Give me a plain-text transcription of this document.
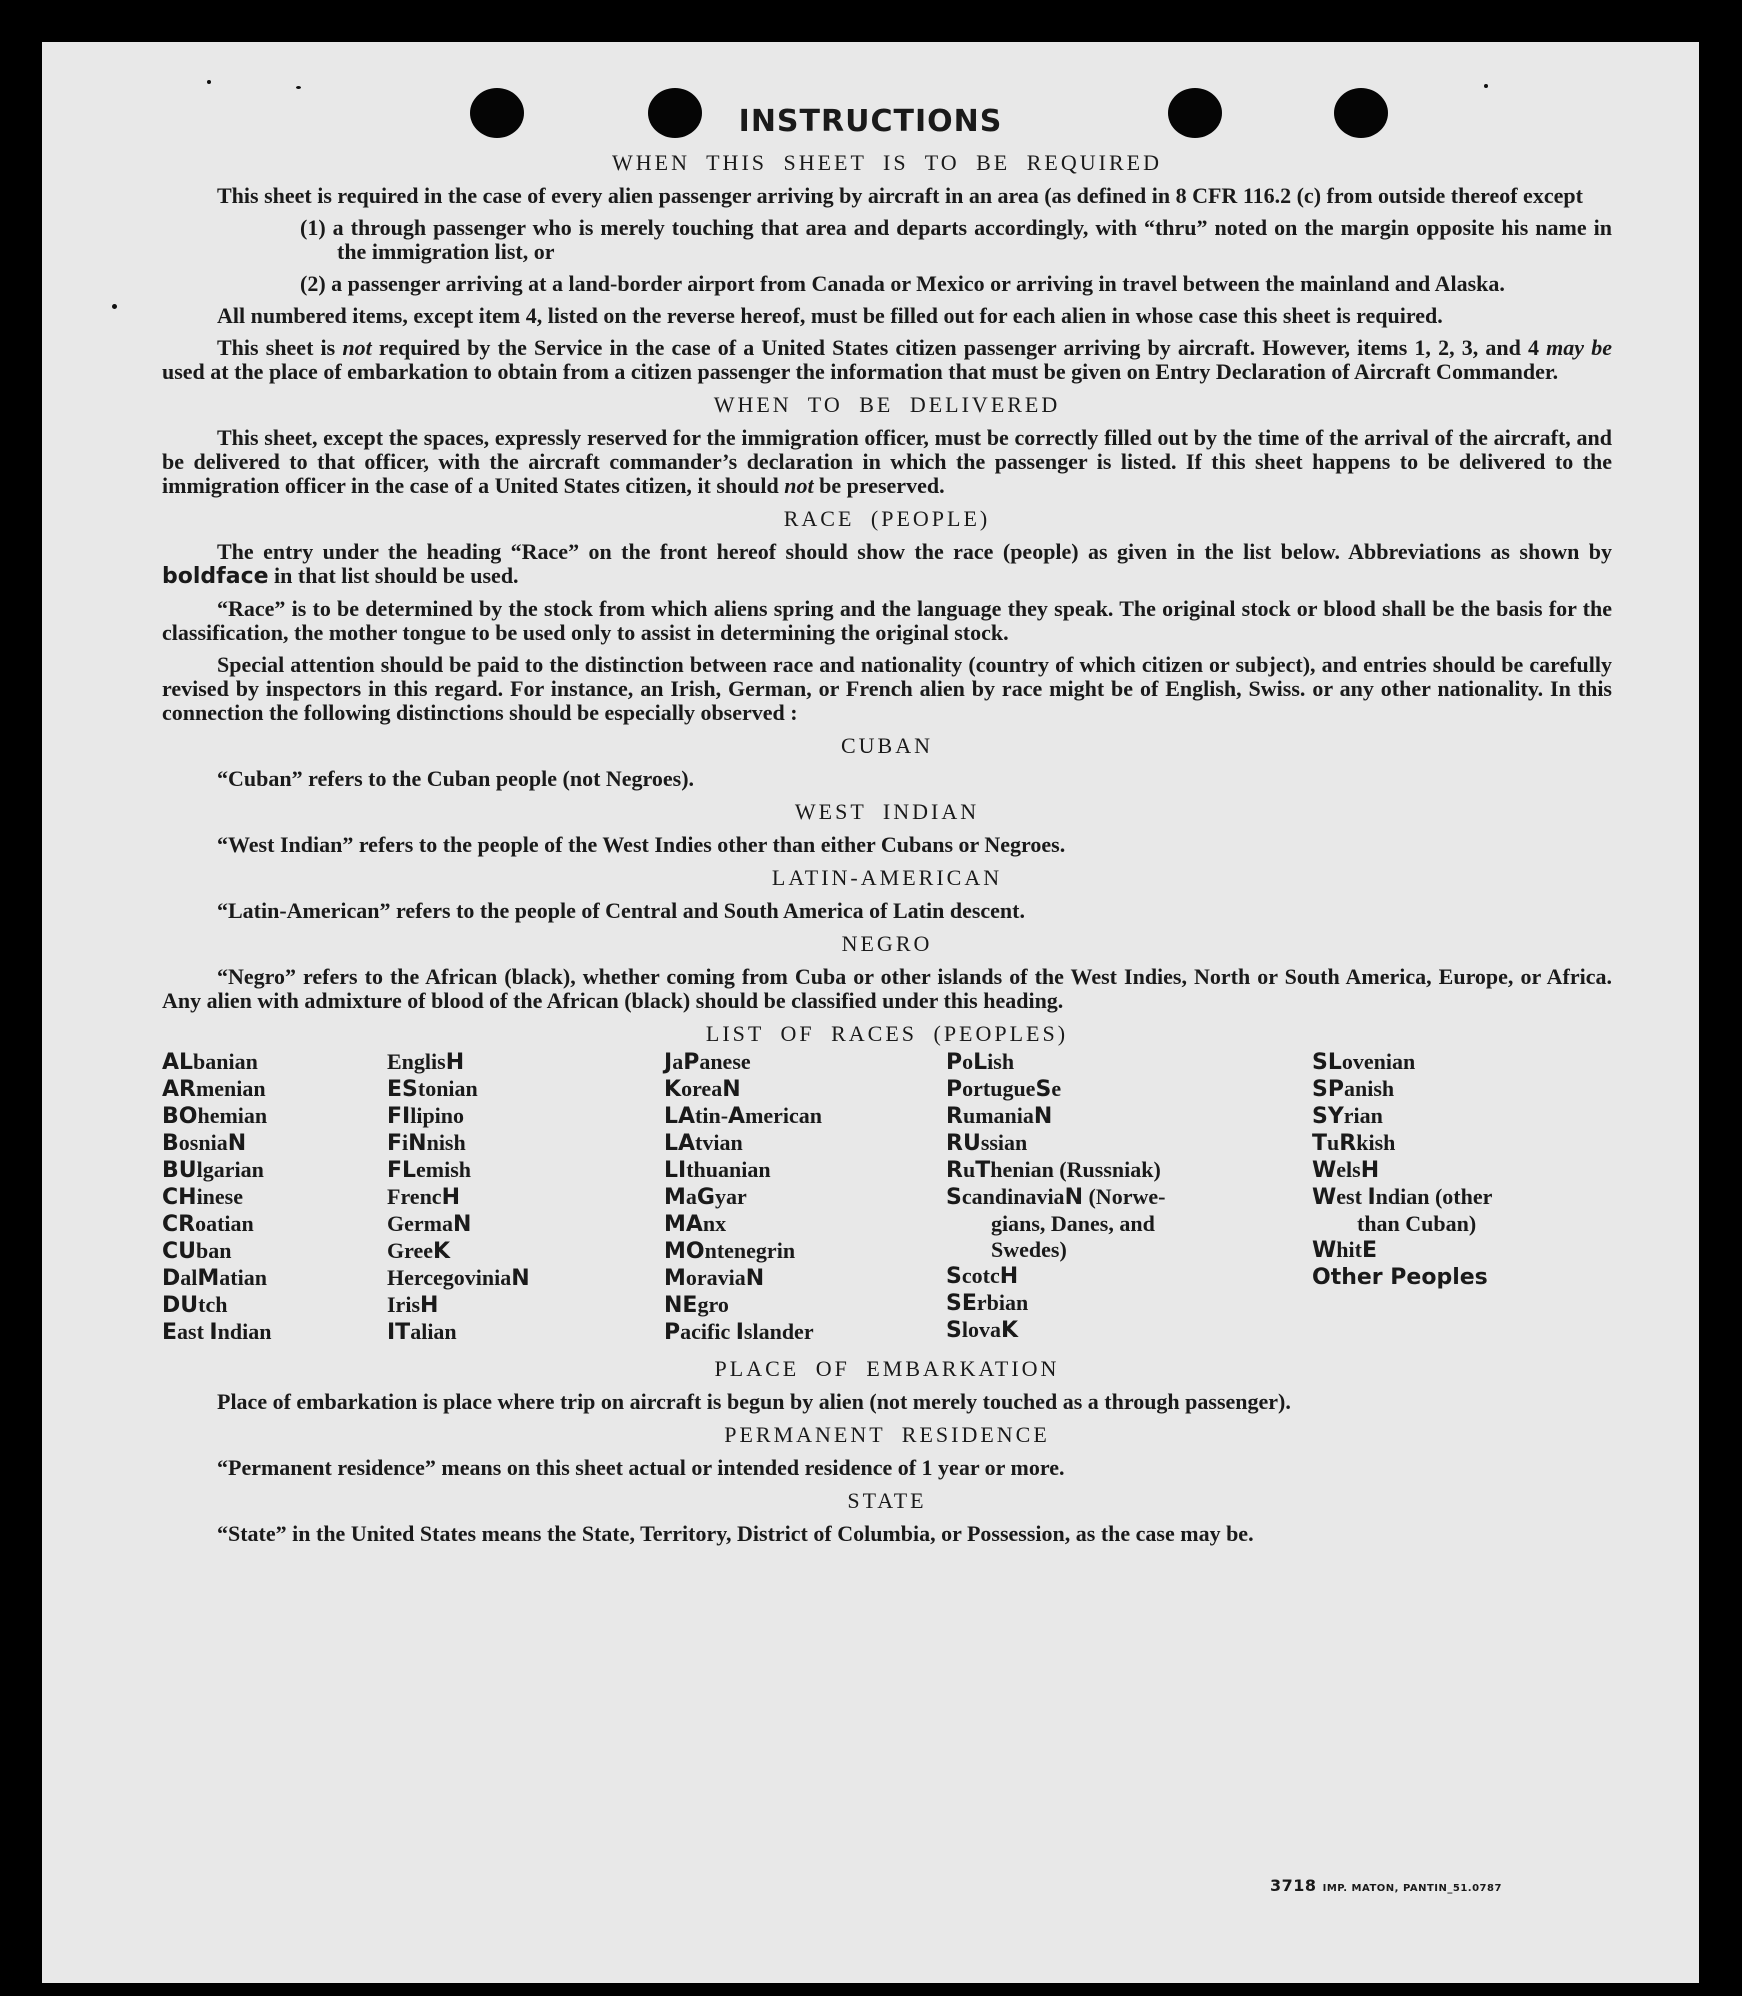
INSTRUCTIONS
WHEN THIS SHEET IS TO BE REQUIRED

This sheet is required in the case of every alien passenger arriving by aircraft in an area (as defined in 8 CFR 116.2 (c) from outside thereof except

(1) a through passenger who is merely touching that area and departs accordingly, with “thru” noted on the margin opposite his name in the immigration list, or
(2) a passenger arriving at a land-border airport from Canada or Mexico or arriving in travel between the mainland and Alaska.

All numbered items, except item 4, listed on the reverse hereof, must be filled out for each alien in whose case this sheet is required.

This sheet is not required by the Service in the case of a United States citizen passenger arriving by aircraft. However, items 1, 2, 3, and 4 may be used at the place of embarkation to obtain from a citizen passenger the information that must be given on Entry Declaration of Aircraft Commander.

WHEN TO BE DELIVERED

This sheet, except the spaces, expressly reserved for the immigration officer, must be correctly filled out by the time of the arrival of the aircraft, and be delivered to that officer, with the aircraft commander’s declaration in which the passenger is listed. If this sheet happens to be delivered to the immigration officer in the case of a United States citizen, it should not be preserved.

RACE (PEOPLE)

The entry under the heading “Race” on the front hereof should show the race (people) as given in the list below. Abbreviations as shown by boldface in that list should be used.

“Race” is to be determined by the stock from which aliens spring and the language they speak. The original stock or blood shall be the basis for the classification, the mother tongue to be used only to assist in determining the original stock.

Special attention should be paid to the distinction between race and nationality (country of which citizen or subject), and entries should be carefully revised by inspectors in this regard. For instance, an Irish, German, or French alien by race might be of English, Swiss. or any other nationality. In this connection the following distinctions should be especially observed :

CUBAN

“Cuban” refers to the Cuban people (not Negroes).

WEST INDIAN

“West Indian” refers to the people of the West Indies other than either Cubans or Negroes.

LATIN-AMERICAN

“Latin-American” refers to the people of Central and South America of Latin descent.

NEGRO

“Negro” refers to the African (black), whether coming from Cuba or other islands of the West Indies, North or South America, Europe, or Africa. Any alien with admixture of blood of the African (black) should be classified under this heading.

LIST OF RACES (PEOPLES)
ALbanian
ARmenian
BOhemian
BosniaN
BUlgarian
CHinese
CRoatian
CUban
DalMatian
DUtch
East Indian
EnglisH
EStonian
FIlipino
FiNnish
FLemish
FrencH
GermaN
GreeK
HercegoviniaN
IrisH
ITalian
JaPanese
KoreaN
LAtin-American
LAtvian
LIthuanian
MaGyar
MAnx
MOntenegrin
MoraviaN
NEgro
Pacific Islander
PoLish
PortugueSe
RumaniaN
RUssian
RuThenian (Russniak)
ScandinaviaN (Norwe-
gians, Danes, and
Swedes)
ScotcH
SErbian
SlovaK
SLovenian
SPanish
SYrian
TuRkish
WelsH
West Indian (other
than Cuban)
WhitE
Other Peoples
PLACE OF EMBARKATION

Place of embarkation is place where trip on aircraft is begun by alien (not merely touched as a through passenger).

PERMANENT RESIDENCE

“Permanent residence” means on this sheet actual or intended residence of 1 year or more.

STATE

“State” in the United States means the State, Territory, District of Columbia, or Possession, as the case may be.

3718 IMP. MATON, PANTIN_51.0787
